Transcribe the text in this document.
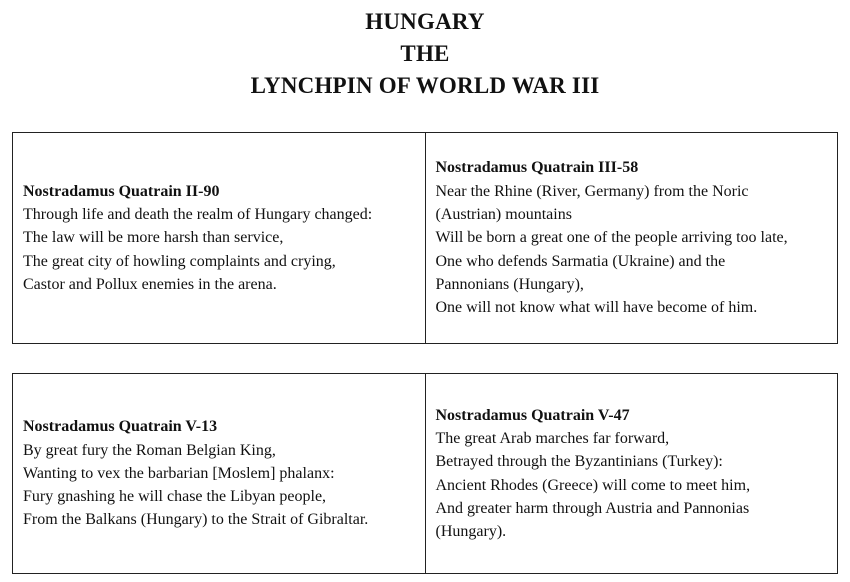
HUNGARY
THE
LYNCHPIN OF WORLD WAR III
Nostradamus Quatrain II-90
Through life and death the realm of Hungary changed:
The law will be more harsh than service,
The great city of howling complaints and crying,
Castor and Pollux enemies in the arena.
Nostradamus Quatrain III-58
Near the Rhine (River, Germany) from the Noric
(Austrian) mountains
Will be born a great one of the people arriving too late,
One who defends Sarmatia (Ukraine) and the
Pannonians (Hungary),
One will not know what will have become of him.
Nostradamus Quatrain V-13
By great fury the Roman Belgian King,
Wanting to vex the barbarian [Moslem] phalanx:
Fury gnashing he will chase the Libyan people,
From the Balkans (Hungary) to the Strait of Gibraltar.
Nostradamus Quatrain V-47
The great Arab marches far forward,
Betrayed through the Byzantinians (Turkey):
Ancient Rhodes (Greece) will come to meet him,
And greater harm through Austria and Pannonias
(Hungary).
